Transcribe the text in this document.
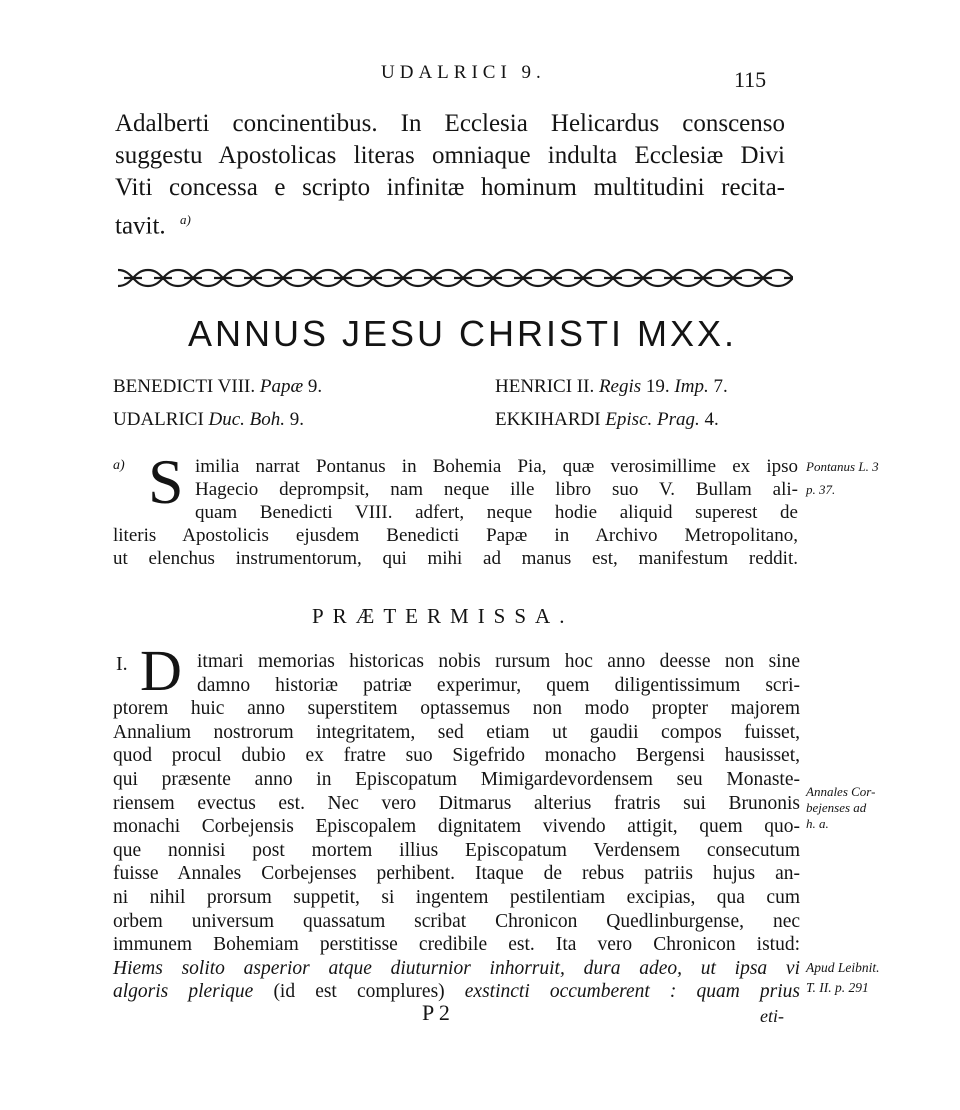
UDALRICI 9.	115
Adalberti concinentibus. In Ecclesia Helicardus conscenso
suggestu Apostolicas literas omniaque indulta Ecclesiæ Divi
Viti concessa e scripto infinitæ hominum multitudini recita-
tavit. $^{a)}$
ANNUS JESU CHRISTI MXX.
BENEDICTI VIII. Papæ 9.
UDALRICI Duc. Boh. 9.
HENRICI II. Regis 19. Imp. 7.
EKKIHARDI Episc. Prag. 4.
a) S imilia narrat Pontanus in Bohemia Pia, quæ verosimillime ex ipso
Hagecio deprompsit, nam neque ille libro suo V. Bullam ali-
quam Benedicti VIII. adfert, neque hodie aliquid superest de
literis Apostolicis ejusdem Benedicti Papæ in Archivo Metropolitano,
ut elenchus instrumentorum, qui mihi ad manus est, manifestum reddit.
Pontanus L. 3
p. 37.
PRÆTERMISSA.
I. D itmari memorias historicas nobis rursum hoc anno deesse non sine
damno historiæ patriæ experimur, quem diligentissimum scri-
ptorem huic anno superstitem optassemus non modo propter majorem
Annalium nostrorum integritatem, sed etiam ut gaudii compos fuisset,
quod procul dubio ex fratre suo Sigefrido monacho Bergensi hausisset,
qui præsente anno in Episcopatum Mimigardevordensem seu Monaste-
riensem evectus est. Nec vero Ditmarus alterius fratris sui Brunonis
monachi Corbejensis Episcopalem dignitatem vivendo attigit, quem quo-
que nonnisi post mortem illius Episcopatum Verdensem consecutum
fuisse Annales Corbejenses perhibent. Itaque de rebus patriis hujus an-
ni nihil prorsum suppetit, si ingentem pestilentiam excipias, qua cum
orbem universum quassatum scribat Chronicon Quedlinburgense, nec
immunem Bohemiam perstitisse credibile est. Ita vero Chronicon istud:
Hiems solito asperior atque diuturnior inhorruit, dura adeo, ut ipsa vi
algoris plerique (id est complures) exstincti occumberent : quam prius
Annales Cor-
bejenses ad
h. a.
Apud Leibnit.
T. II. p. 291
P 2	eti-
